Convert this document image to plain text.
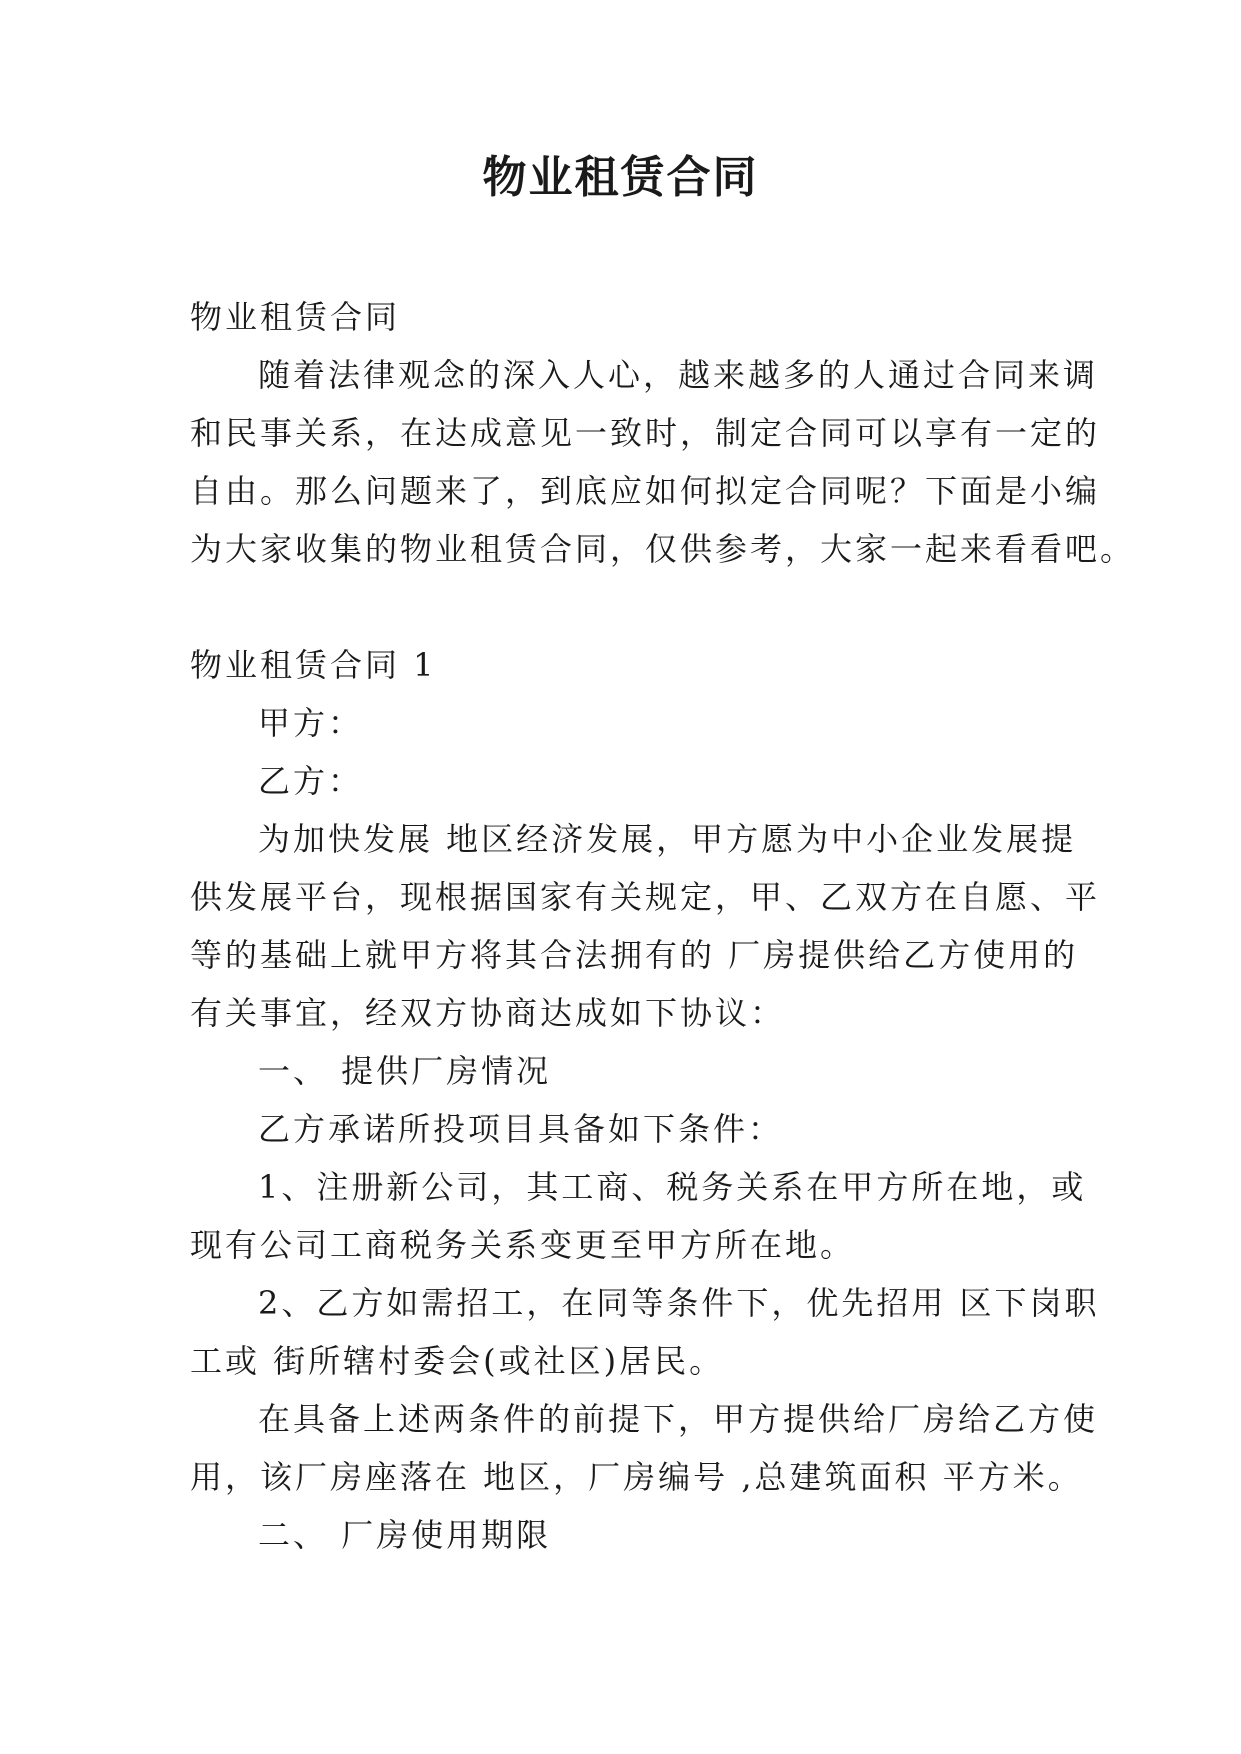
物业租赁合同

物业租赁合同

随着法律观念的深入人心，越来越多的人通过合同来调

和民事关系，在达成意见一致时，制定合同可以享有一定的

自由。那么问题来了，到底应如何拟定合同呢？下面是小编

为大家收集的物业租赁合同，仅供参考，大家一起来看看吧。

物业租赁合同 1

甲方：

乙方：

为加快发展 地区经济发展，甲方愿为中小企业发展提

供发展平台，现根据国家有关规定，甲、乙双方在自愿、平

等的基础上就甲方将其合法拥有的 厂房提供给乙方使用的

有关事宜，经双方协商达成如下协议：

一、 提供厂房情况

乙方承诺所投项目具备如下条件：

1、注册新公司，其工商、税务关系在甲方所在地，或

现有公司工商税务关系变更至甲方所在地。

2、乙方如需招工，在同等条件下，优先招用 区下岗职

工或 街所辖村委会(或社区)居民。

在具备上述两条件的前提下，甲方提供给厂房给乙方使

用，该厂房座落在 地区，厂房编号 ,总建筑面积 平方米。

二、 厂房使用期限
